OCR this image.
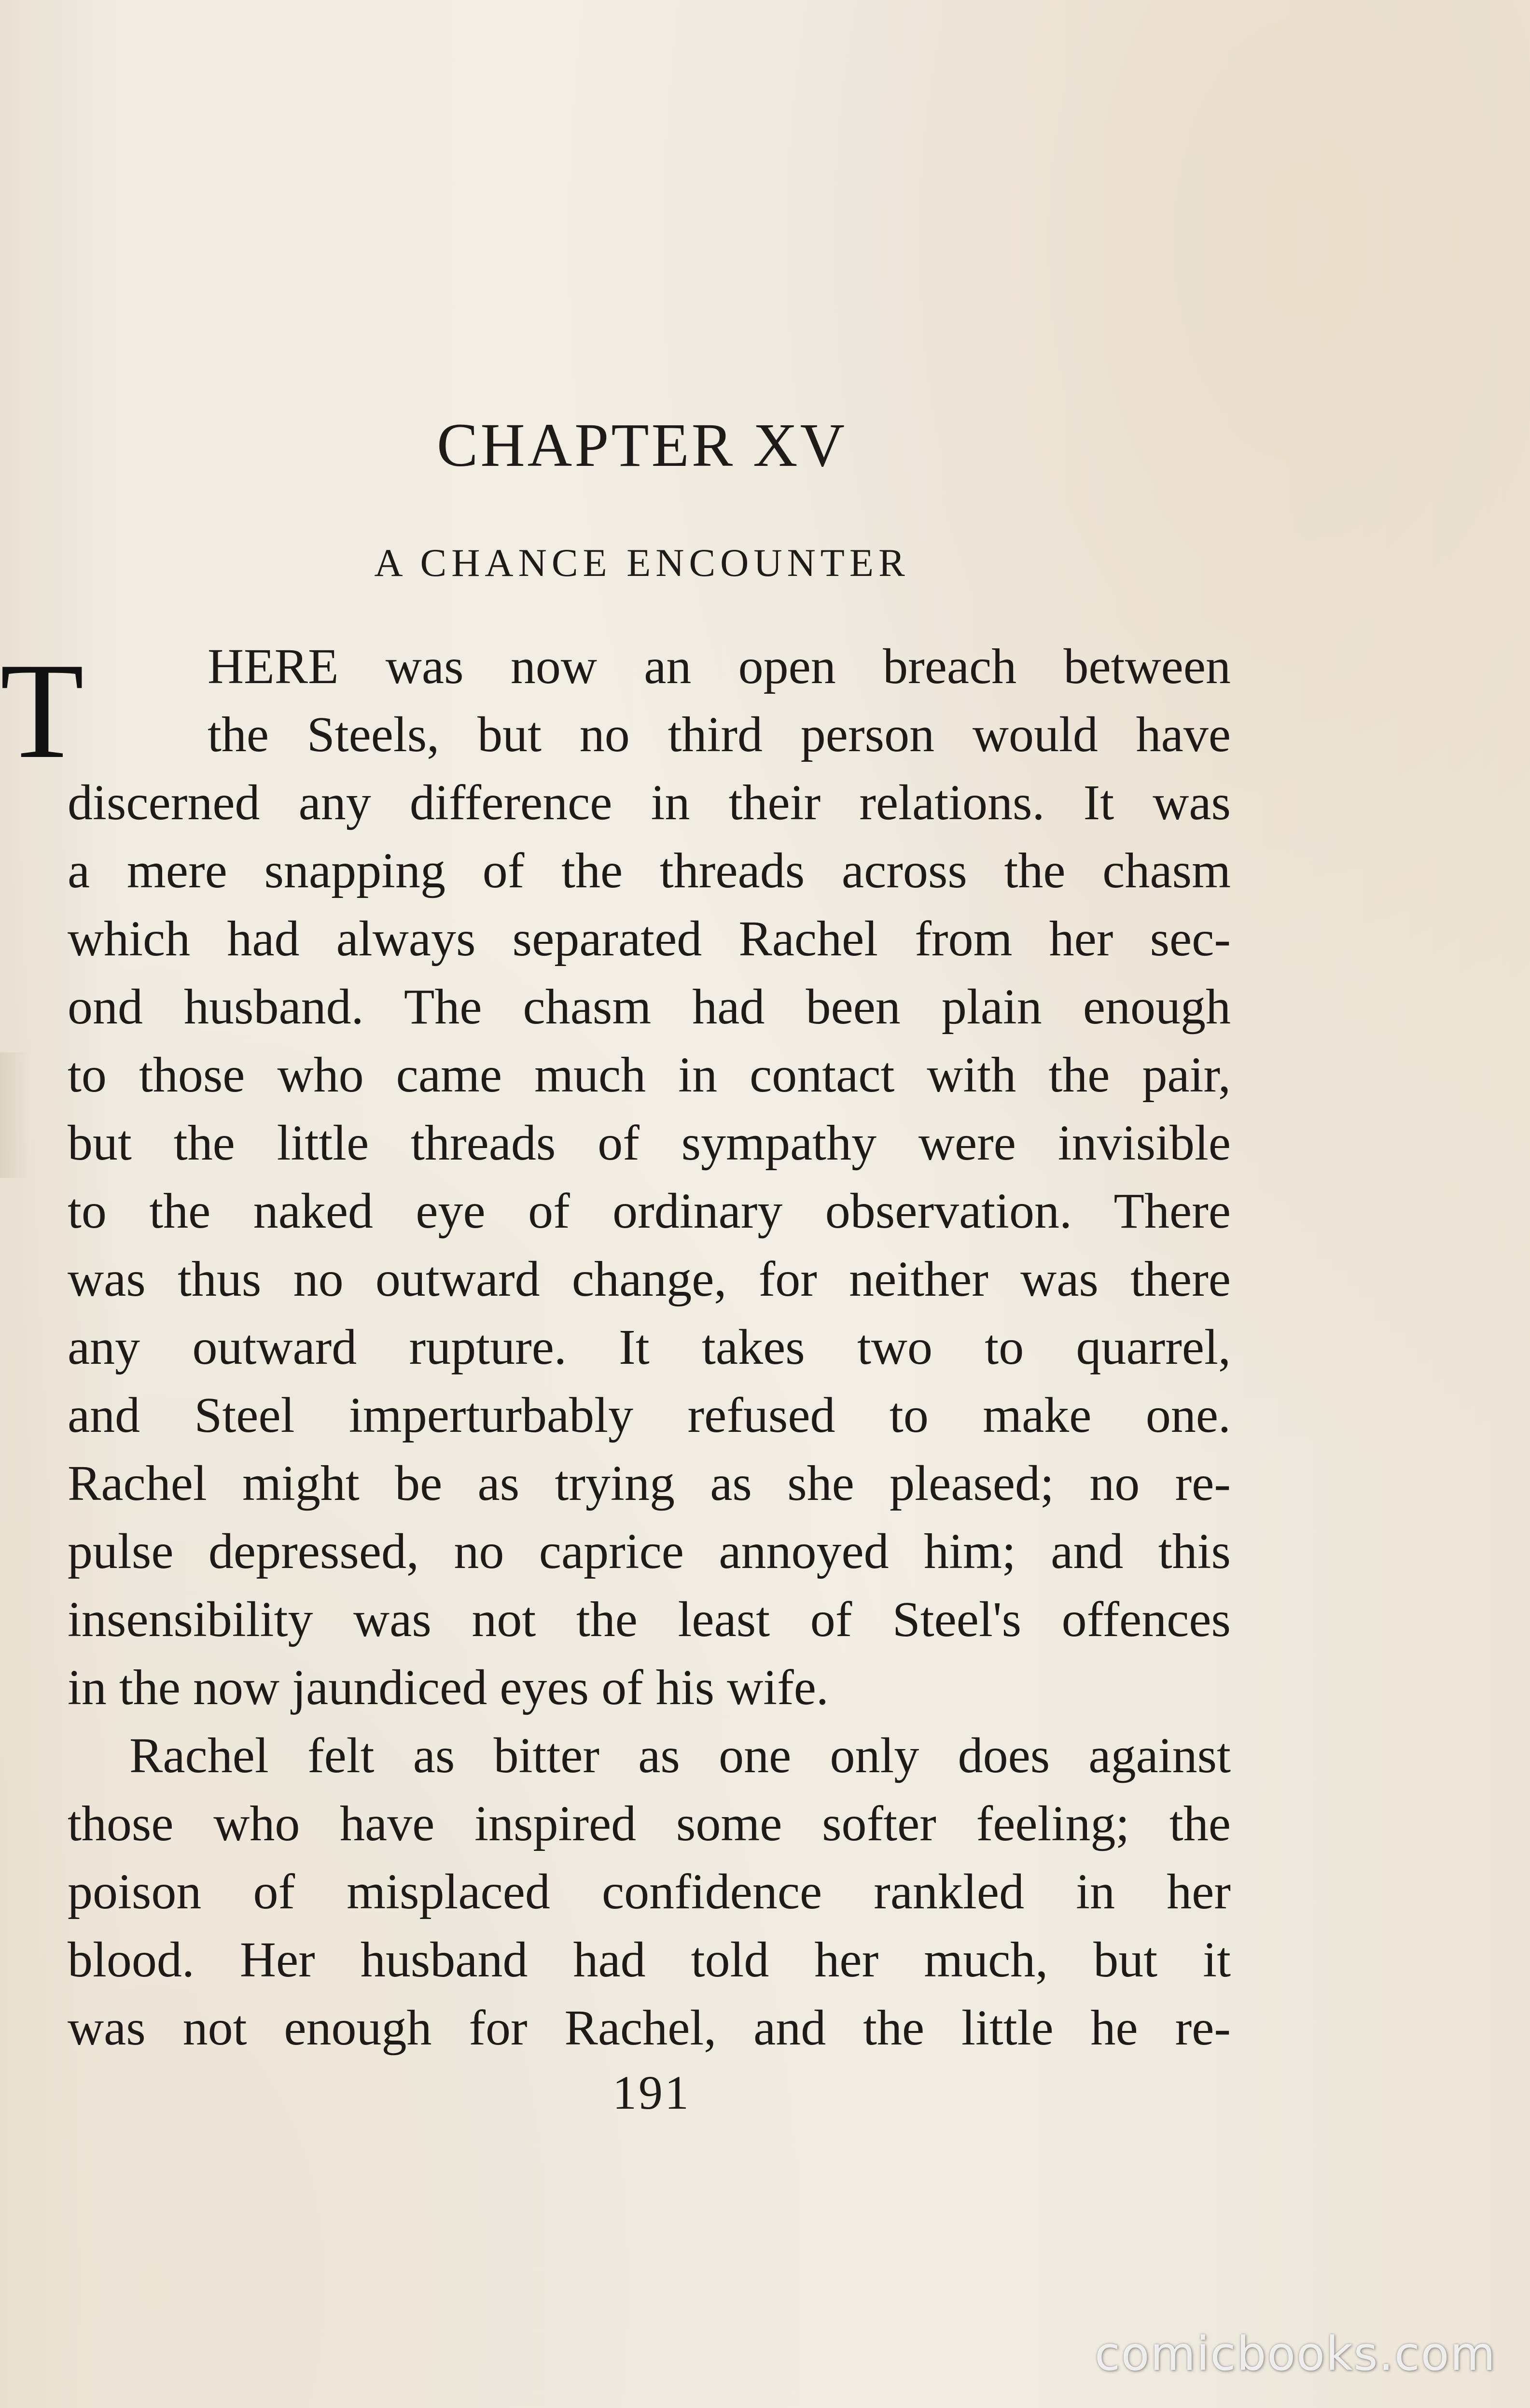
CHAPTER XV
A CHANCE ENCOUNTER
T	HERE was now an open breach between
the Steels, but no third person would have
discerned any difference in their relations. It was
a mere snapping of the threads across the chasm
which had always separated Rachel from her sec-
ond husband. The chasm had been plain enough
to those who came much in contact with the pair,
but the little threads of sympathy were invisible
to the naked eye of ordinary observation. There
was thus no outward change, for neither was there
any outward rupture. It takes two to quarrel,
and Steel imperturbably refused to make one.
Rachel might be as trying as she pleased; no re-
pulse depressed, no caprice annoyed him; and this
insensibility was not the least of Steel's offences
in the now jaundiced eyes of his wife.
Rachel felt as bitter as one only does against
those who have inspired some softer feeling; the
poison of misplaced confidence rankled in her
blood. Her husband had told her much, but it
was not enough for Rachel, and the little he re-
191
comicbooks.com
